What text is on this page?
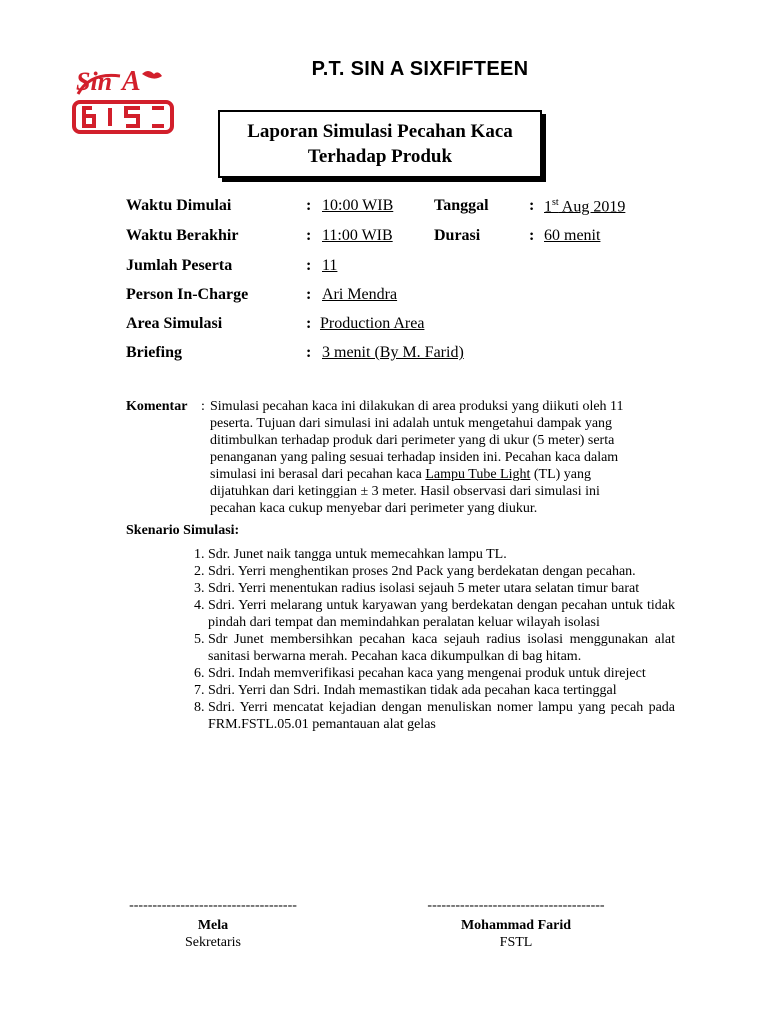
Sin A	P.T. SIN A SIXFIFTEEN
Laporan Simulasi Pecahan Kaca
Terhadap Produk
Waktu Dimulai	: 10:00 WIB	Tanggal	: 1st Aug 2019
Waktu Berakhir	: 11:00 WIB	Durasi	: 60 menit
Jumlah Peserta	: 11
Person In-Charge	: Ari Mendra
Area Simulasi	: Production Area
Briefing	: 3 menit (By M. Farid)
Komentar : Simulasi pecahan kaca ini dilakukan di area produksi yang diikuti oleh 11 peserta. Tujuan dari simulasi ini adalah untuk mengetahui dampak yang ditimbulkan terhadap produk dari perimeter yang di ukur (5 meter) serta penanganan yang paling sesuai terhadap insiden ini. Pecahan kaca dalam simulasi ini berasal dari pecahan kaca Lampu Tube Light (TL) yang dijatuhkan dari ketinggian ± 3 meter. Hasil observasi dari simulasi ini pecahan kaca cukup menyebar dari perimeter yang diukur.
Skenario Simulasi:
1. Sdr. Junet naik tangga untuk memecahkan lampu TL.
2. Sdri. Yerri menghentikan proses 2nd Pack yang berdekatan dengan pecahan.
3. Sdri. Yerri menentukan radius isolasi sejauh 5 meter utara selatan timur barat
4. Sdri. Yerri melarang untuk karyawan yang berdekatan dengan pecahan untuk tidak pindah dari tempat dan memindahkan peralatan keluar wilayah isolasi
5. Sdr Junet membersihkan pecahan kaca sejauh radius isolasi menggunakan alat sanitasi berwarna merah. Pecahan kaca dikumpulkan di bag hitam.
6. Sdri. Indah memverifikasi pecahan kaca yang mengenai produk untuk direject
7. Sdri. Yerri dan Sdri. Indah memastikan tidak ada pecahan kaca tertinggal
8. Sdri. Yerri mencatat kejadian dengan menuliskan nomer lampu yang pecah pada FRM.FSTL.05.01 pemantauan alat gelas
------------------------------------
Mela
Sekretaris
--------------------------------------
Mohammad Farid
FSTL
